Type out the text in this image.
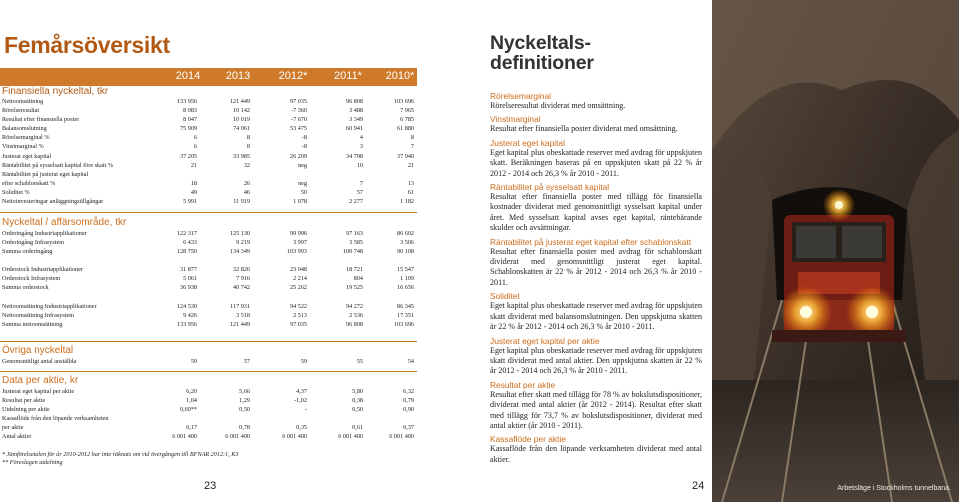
Femårsöversikt
2014	2013	2012*	2011*	2010*
Finansiella nyckeltal, tkr
Nettoomsättning	133 956	121 449	97 035	96 808	103 696
Rörelseresultat	8 083	10 142	-7 360	3 488	7 965
Resultat efter finansiella poster	8 047	10 019	-7 670	3 349	6 785
Balansomslutning	75 909	74 061	53 475	60 941	61 880
Rörelsemarginal %	6	8	-8	4	8
Vinstmarginal %	6	8	-8	3	7
Justerat eget kapital	37 205	33 985	26 209	34 798	37 940
Räntabilitet på sysselsatt kapital före skatt %	21	32	neg	10	21
Räntabilitet på justerat eget kapital					
efter schablonskatt %	18	26	neg	7	13
Soliditet %	49	46	50	57	61
Nettoinvesteringar anläggningstillgångar	5 991	11 919	1 078	2 277	1 182
Nyckeltal / affärsområde, tkr
Orderingång Industriapplikationer	122 317	125 130	99 996	97 163	86 602
Orderingång Infrasystem	6 433	9 219	3 997	3 585	3 506
Summa orderingång	128 750	134 349	103 993	100 748	90 108

Orderstock Industriapplikationer	31 877	32 826	23 048	18 721	15 547
Orderstock Infrasystem	5 061	7 916	2 214	804	1 109
Summa orderstock	36 938	40 742	25 262	19 525	16 656

Nettoomsättning Industriapplikationer	124 530	117 931	94 522	94 272	86 345
Nettoomsättning Infrasystem	9 426	3 518	2 513	2 536	17 351
Summa nettoomsättning	133 956	121 449	97 035	96 808	103 696
Övriga nyckeltal
Genomsnittligt antal anställda	59	57	59	55	54
Data per aktie, kr
Justerat eget kapital per aktie	6,20	5,66	4,37	5,80	6,32
Resultat per aktie	1,04	1,29	-1,02	0,38	0,79
Utdelning per aktie	0,60**	0,50	-	0,50	0,90
Kassaflöde från den löpande verksamheten					
per aktie	0,17	0,78	0,35	0,61	0,37
Antal aktier	6 001 400	6 001 400	6 001 400	6 001 400	6 001 400
* Jämförelsetalen för år 2010-2012 har inte räknats om vid övergången till BFNAR 2012:1, K3
** Föreslagen utdelning
23
Nyckeltals-
definitioner
Rörelsemarginal
Rörelseresultat dividerat med omsättning.
Vinstmarginal
Resultat efter finansiella poster dividerat med omsättning.
Justerat eget kapital
Eget kapital plus obeskattade reserver med avdrag för uppskjuten skatt. Beräkningen baseras på en uppskjuten skatt på 22 % år 2012 - 2014 och 26,3 % år 2010 - 2011.
Räntabilitet på sysselsatt kapital
Resultat efter finansiella poster med tillägg för finansiella kostnader dividerat med genomsnittligt sysselsatt kapital under året. Med sysselsatt kapital avses eget kapital, räntebärande skulder och avsättningar.
Räntabilitet på justerat eget kapital efter schablonskatt
Resultat efter finansiella poster med avdrag för schablonskatt dividerat med genomsnittligt justerat eget kapital. Schablonskatten är 22 % år 2012 - 2014 och 26,3 % år 2010 - 2011.
Soliditet
Eget kapital plus obeskattade reserver med avdrag för uppskjuten skatt dividerat med balansomslutningen. Den uppskjutna skatten är 22 % år 2012 - 2014 och 26,3 % år 2010 - 2011.
Justerat eget kapital per aktie
Eget kapital plus obeskattade reserver med avdrag för uppskjuten skatt dividerat med antal aktier. Den uppskjutna skatten är 22 % år 2012 - 2014 och 26,3 % år 2010 - 2011.
Resultat per aktie
Resultat efter skatt med tillägg för 78 % av bokslutsdispositioner, dividerat med antal aktier (år 2012 - 2014). Resultat efter skatt med tillägg för 73,7 % av bokslutsdispositioner, dividerat med antal aktier (år 2010 - 2011).
Kassaflöde per aktie
Kassaflöde från den löpande verksamheten dividerat med antal aktier.
24	Arbetsläge i Stockholms tunnelbana.
